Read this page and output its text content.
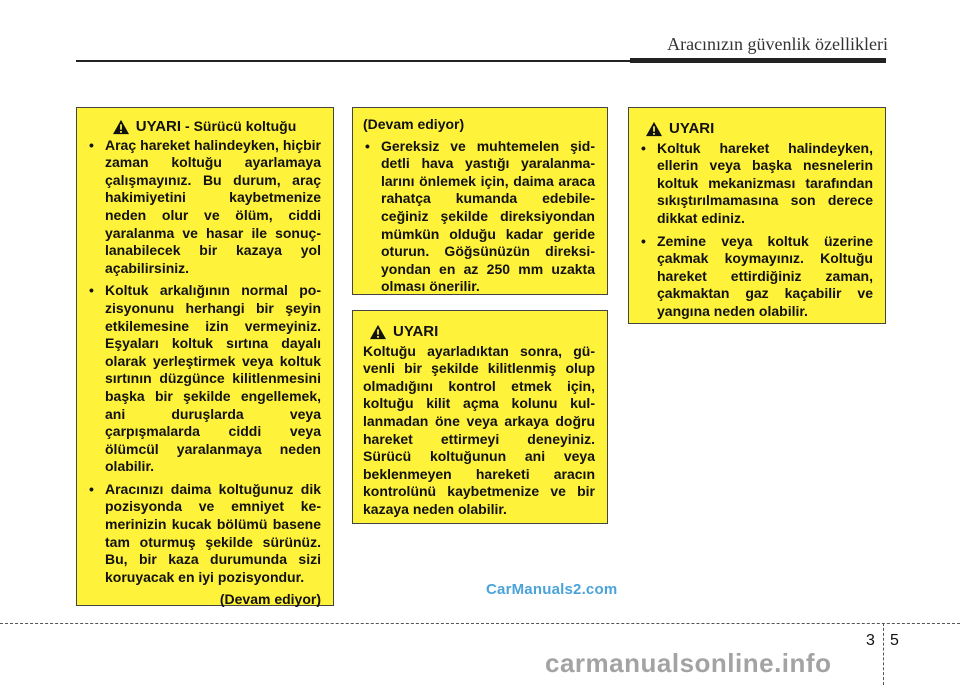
Aracınızın güvenlik özellikleri
UYARI - Sürücü koltuğu
• Araç hareket halindeyken, hiçbir zaman koltuğu ayarlamaya çalışmayınız. Bu durum, araç hakimiyetini kaybetmenize neden olur ve ölüm, ciddi yaralanma ve hasar ile sonuçlanabilecek bir kazaya yol açabilirsiniz.
• Koltuk arkalığının normal pozisyonunu herhangi bir şeyin etkilemesine izin vermeyiniz. Eşyaları koltuk sırtına dayalı olarak yerleştirmek veya koltuk sırtının düzgünce kilitlenmesini başka bir şekilde engellemek, ani duruşlarda veya çarpışmalarda ciddi veya ölümcül yaralanmaya neden olabilir.
• Aracınızı daima koltuğunuz dik pozisyonda ve emniyet kemerinizin kucak bölümü basene tam oturmuş şekilde sürünüz. Bu, bir kaza durumunda sizi koruyacak en iyi pozisyondur.
(Devam ediyor)
(Devam ediyor)
• Gereksiz ve muhtemelen şiddetli hava yastığı yaralanmalarını önlemek için, daima araca rahatça kumanda edebileceğiniz şekilde direksiyondan mümkün olduğu kadar geride oturun. Göğsünüzün direksiyondan en az 250 mm uzakta olması önerilir.
UYARI
Koltuğu ayarladıktan sonra, güvenli bir şekilde kilitlenmiş olup olmadığını kontrol etmek için, koltuğu kilit açma kolunu kullanmadan öne veya arkaya doğru hareket ettirmeyi deneyiniz. Sürücü koltuğunun ani veya beklenmeyen hareketi aracın kontrolünü kaybetmenize ve bir kazaya neden olabilir.
UYARI
• Koltuk hareket halindeyken, ellerin veya başka nesnelerin koltuk mekanizması tarafından sıkıştırılmamasına son derece dikkat ediniz.
• Zemine veya koltuk üzerine çakmak koymayınız. Koltuğu hareket ettirdiğiniz zaman, çakmaktan gaz kaçabilir ve yangına neden olabilir.
CarManuals2.com
3 5
carmanualsonline.info
